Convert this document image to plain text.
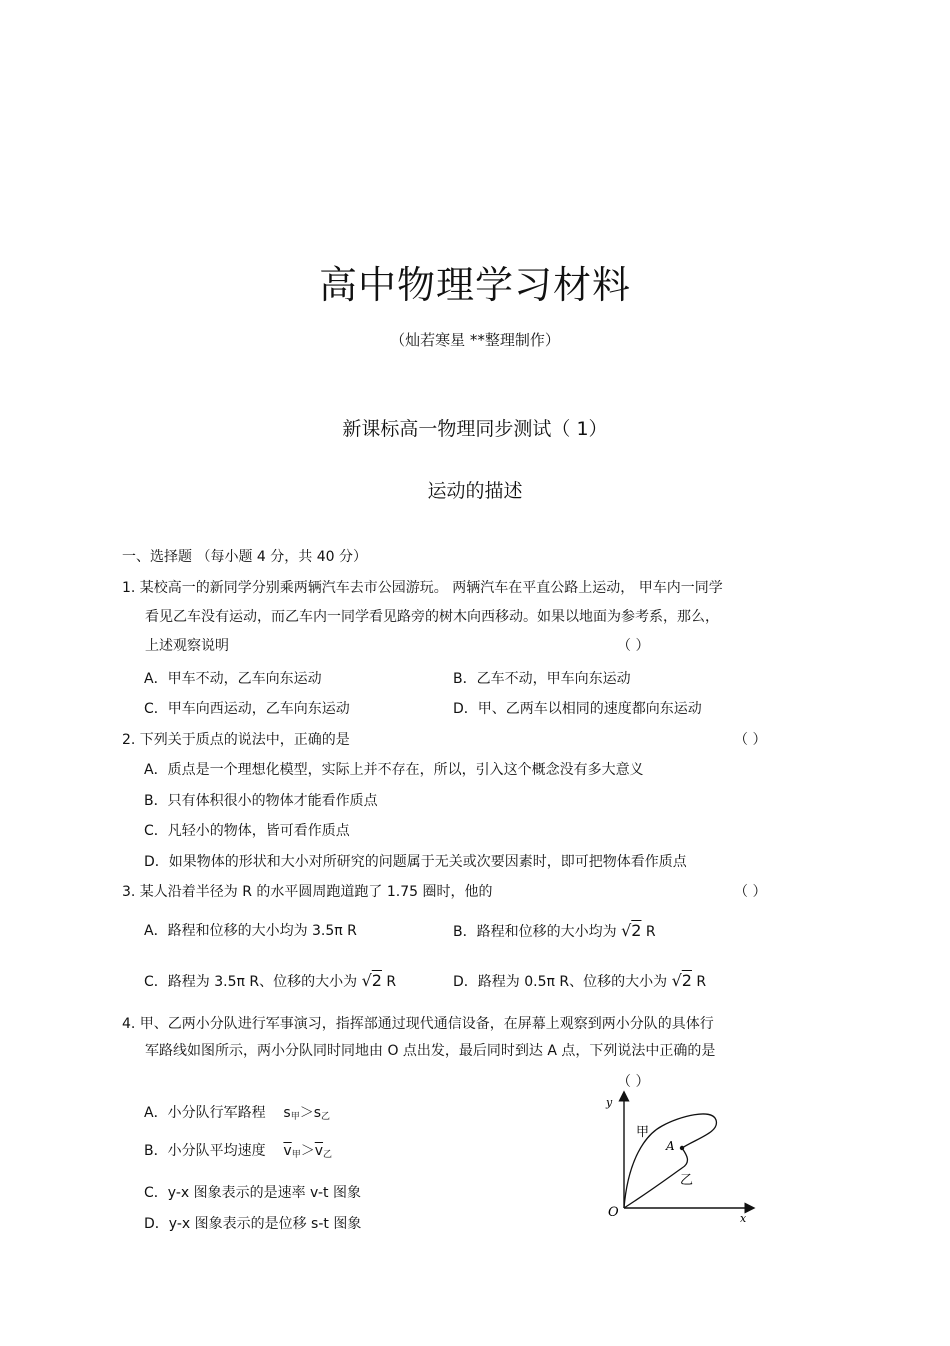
高中物理学习材料
（灿若寒星 **整理制作）
新课标高一物理同步测试（ 1）
运动的描述
一、选择题 （每小题 4 分，共 40 分）
1. 某校高一的新同学分别乘两辆汽车去市公园游玩。 两辆汽车在平直公路上运动， 甲车内一同学
看见乙车没有运动，而乙车内一同学看见路旁的树木向西移动。如果以地面为参考系，那么，
上述观察说明	（ ）
A．甲车不动，乙车向东运动	B．乙车不动，甲车向东运动
C．甲车向西运动，乙车向东运动	D．甲、乙两车以相同的速度都向东运动
2. 下列关于质点的说法中，正确的是	（ ）
A．质点是一个理想化模型，实际上并不存在，所以，引入这个概念没有多大意义
B．只有体积很小的物体才能看作质点
C．凡轻小的物体，皆可看作质点
D．如果物体的形状和大小对所研究的问题属于无关或次要因素时，即可把物体看作质点
3. 某人沿着半径为 R 的水平圆周跑道跑了 1.75 圈时，他的	（ ）
A．路程和位移的大小均为 3.5π R	B．路程和位移的大小均为 √2 R
C．路程为 3.5π R、位移的大小为 √2 R	D．路程为 0.5π R、位移的大小为 √2 R
4. 甲、乙两小分队进行军事演习，指挥部通过现代通信设备，在屏幕上观察到两小分队的具体行
军路线如图所示，两小分队同时同地由 O 点出发，最后同时到达 A 点，下列说法中正确的是
（ ）
A．小分队行军路程 $s_甲>s_乙$
B．小分队平均速度 $\overline{v}_甲>\overline{v}_乙$
C．y-x 图象表示的是速率 v-t 图象
D．y-x 图象表示的是位移 s-t 图象
y
x
O
A
甲
乙
